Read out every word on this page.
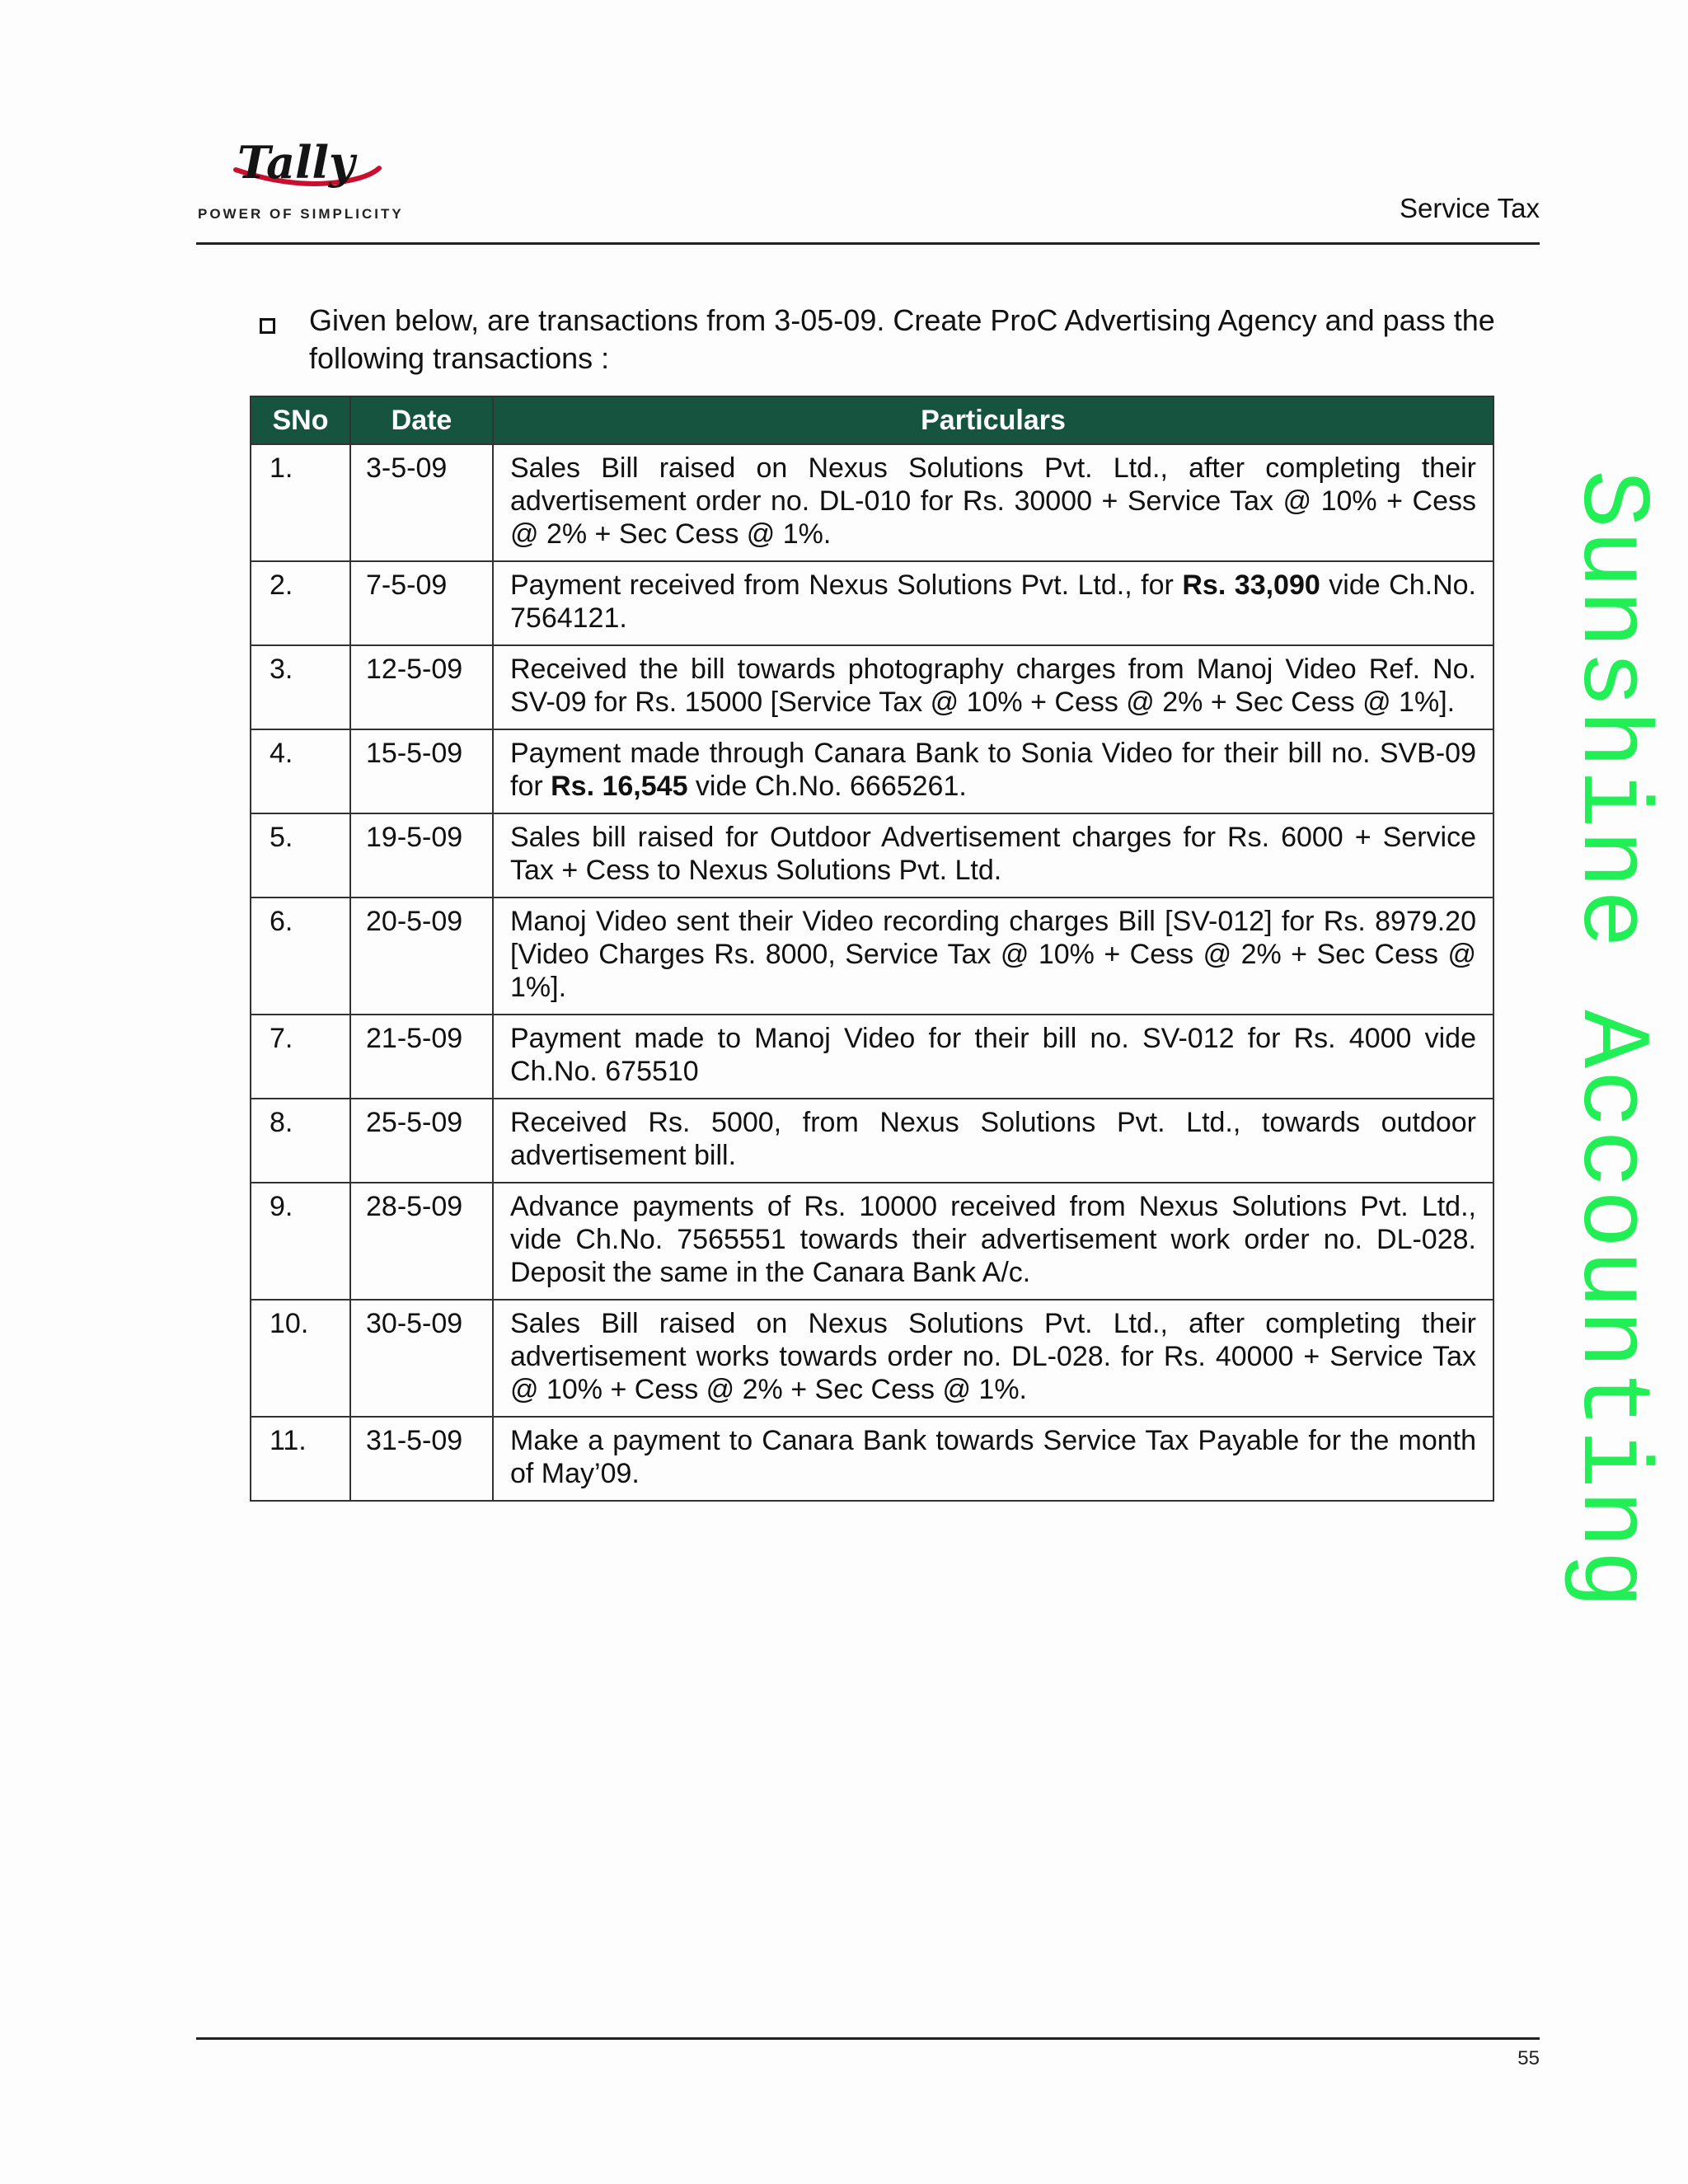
Tally
POWER OF SIMPLICITY	Service Tax
Given below, are transactions from 3-05-09. Create ProC Advertising Agency and pass the following transactions :
SNo	Date	Particulars
1.	3-5-09	Sales Bill raised on Nexus Solutions Pvt. Ltd., after completing their advertisement order no. DL-010 for Rs. 30000 + Service Tax @ 10% + Cess @ 2% + Sec Cess @ 1%.
2.	7-5-09	Payment received from Nexus Solutions Pvt. Ltd., for Rs. 33,090 vide Ch.No. 7564121.
3.	12-5-09	Received the bill towards photography charges from Manoj Video Ref. No. SV-09 for Rs. 15000 [Service Tax @ 10% + Cess @ 2% + Sec Cess @ 1%].
4.	15-5-09	Payment made through Canara Bank to Sonia Video for their bill no. SVB-09 for Rs. 16,545 vide Ch.No. 6665261.
5.	19-5-09	Sales bill raised for Outdoor Advertisement charges for Rs. 6000 + Service Tax + Cess to Nexus Solutions Pvt. Ltd.
6.	20-5-09	Manoj Video sent their Video recording charges Bill [SV-012] for Rs. 8979.20 [Video Charges Rs. 8000, Service Tax @ 10% + Cess @ 2% + Sec Cess @ 1%].
7.	21-5-09	Payment made to Manoj Video for their bill no. SV-012 for Rs. 4000 vide Ch.No. 675510
8.	25-5-09	Received Rs. 5000, from Nexus Solutions Pvt. Ltd., towards outdoor advertisement bill.
9.	28-5-09	Advance payments of Rs. 10000 received from Nexus Solutions Pvt. Ltd., vide Ch.No. 7565551 towards their advertisement work order no. DL-028. Deposit the same in the Canara Bank A/c.
10.	30-5-09	Sales Bill raised on Nexus Solutions Pvt. Ltd., after completing their advertisement works towards order no. DL-028. for Rs. 40000 + Service Tax @ 10% + Cess @ 2% + Sec Cess @ 1%.
11.	31-5-09	Make a payment to Canara Bank towards Service Tax Payable for the month of May’09.	Sunshine Accounting
55
